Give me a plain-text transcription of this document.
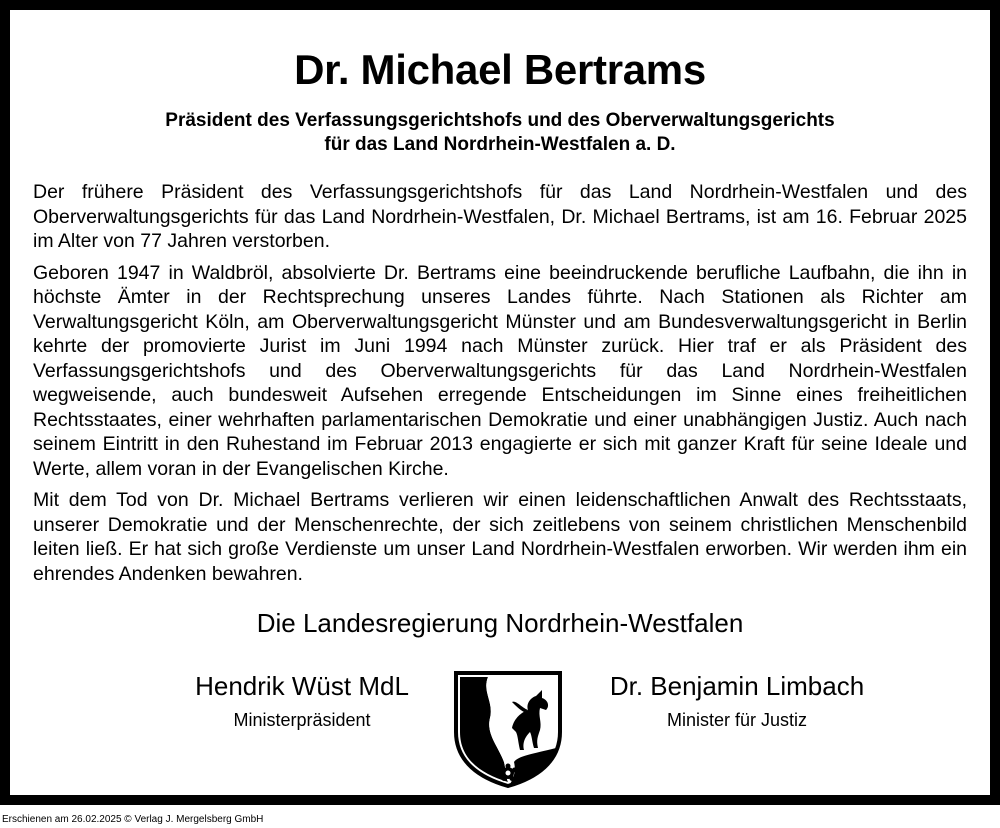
Dr. Michael Bertrams
Präsident des Verfassungsgerichtshofs und des Oberverwaltungsgerichts
für das Land Nordrhein-Westfalen a. D.

Der frühere Präsident des Verfassungsgerichtshofs für das Land Nordrhein-Westfalen und des Oberverwaltungsgerichts für das Land Nordrhein-Westfalen, Dr. Michael Bertrams, ist am 16. Februar 2025 im Alter von 77 Jahren verstorben.

Geboren 1947 in Waldbröl, absolvierte Dr. Bertrams eine beeindruckende berufliche Laufbahn, die ihn in höchste Ämter in der Rechtsprechung unseres Landes führte. Nach Stationen als Richter am Verwaltungsgericht Köln, am Oberverwaltungsgericht Münster und am Bundesverwaltungsgericht in Berlin kehrte der promovierte Jurist im Juni 1994 nach Münster zurück. Hier traf er als Präsident des Verfassungsgerichtshofs und des Oberverwaltungsgerichts für das Land Nordrhein-Westfalen wegweisende, auch bundesweit Aufsehen erregende Entscheidungen im Sinne eines freiheitlichen Rechtsstaates, einer wehrhaften parlamentarischen Demokratie und einer unabhängigen Justiz. Auch nach seinem Eintritt in den Ruhestand im Februar 2013 engagierte er sich mit ganzer Kraft für seine Ideale und Werte, allem voran in der Evangelischen Kirche.

Mit dem Tod von Dr. Michael Bertrams verlieren wir einen leidenschaftlichen Anwalt des Rechtsstaats, unserer Demokratie und der Menschenrechte, der sich zeitlebens von seinem christlichen Menschenbild leiten ließ. Er hat sich große Verdienste um unser Land Nordrhein-Westfalen erworben. Wir werden ihm ein ehrendes Andenken bewahren.

Die Landesregierung Nordrhein-Westfalen
Hendrik Wüst MdL
Ministerpräsident
Dr. Benjamin Limbach
Minister für Justiz
Erschienen am 26.02.2025 © Verlag J. Mergelsberg GmbH
